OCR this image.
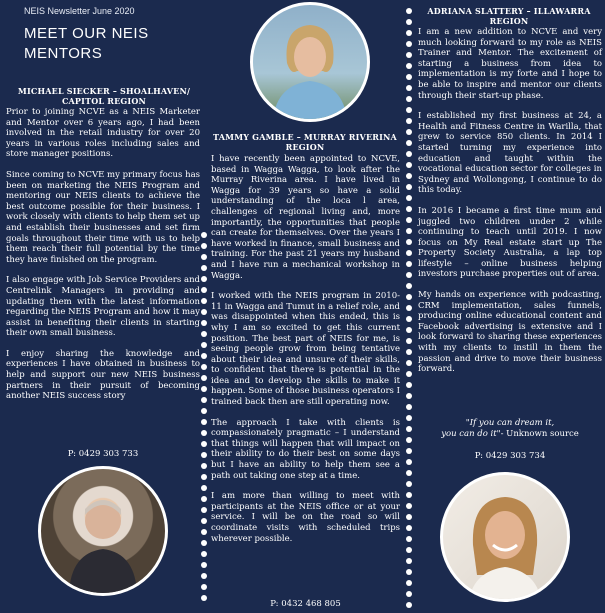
NEIS Newsletter June 2020
MEET OUR NEIS MENTORS
MICHAEL SIECKER – SHOALHAVEN/ CAPITOL REGION

Prior to joining NCVE as a NEIS Marketer and Mentor over 6 years ago, I had been involved in the retail industry for over 20 years in various roles including sales and store manager positions.

Since coming to NCVE my primary focus has been on marketing the NEIS Program and mentoring our NEIS clients to achieve the best outcome possible for their business. I work closely with clients to help them set up and establish their businesses and set firm goals throughout their time with us to help them reach their full potential by the time they have finished on the program.

I also engage with Job Service Providers and Centrelink Managers in providing and updating them with the latest information regarding the NEIS Program and how it may assist in benefiting their clients in starting their own small business.

I enjoy sharing the knowledge and experiences I have obtained in business to help and support our new NEIS business partners in their pursuit of becoming another NEIS success story

P: 0429 303 733
TAMMY GAMBLE – MURRAY RIVERINA REGION

I have recently been appointed to NCVE, based in Wagga Wagga, to look after the Murray Riverina area. I have lived in Wagga for 39 years so have a solid understanding of the loca l area, challenges of regional living and, more importantly, the opportunities that people can create for themselves. Over the years I have worked in finance, small business and training. For the past 21 years my husband and I have run a mechanical workshop in Wagga.

I worked with the NEIS program in 2010-11 in Wagga and Tumut in a relief role, and was disappointed when this ended, this is why I am so excited to get this current position. The best part of NEIS for me, is seeing people grow from being tentative about their idea and unsure of their skills, to confident that there is potential in the idea and to develop the skills to make it happen. Some of those business operators I trained back then are still operating now.

The approach I take with clients is compassionately pragmatic – I understand that things will happen that will impact on their ability to do their best on some days but I have an ability to help them see a path out taking one step at a time.

I am more than willing to meet with participants at the NEIS office or at your service. I will be on the road so will coordinate visits with scheduled trips wherever possible.

P: 0432 468 805
ADRIANA SLATTERY – ILLAWARRA REGION

I am a new addition to NCVE and very much looking forward to my role as NEIS Trainer and Mentor. The excitement of starting a business from idea to implementation is my forte and I hope to be able to inspire and mentor our clients through their start-up phase.

I established my first business at 24, a Health and Fitness Centre in Warilla, that grew to service 850 clients. In 2014 I started turning my experience into education and taught within the vocational education sector for colleges in Sydney and Wollongong, I continue to do this today.

In 2016 I became a first time mum and juggled two children under 2 while continuing to teach until 2019. I now focus on My Real estate start up The Property Society Australia, a lap top lifestyle – online business helping investors purchase properties out of area.

My hands on experience with podcasting, CRM implementation, sales funnels, producing online educational content and Facebook advertising is extensive and I look forward to sharing these experiences with my clients to instill in them the passion and drive to move their business forward.

"If you can dream it,
you can do it"- Unknown source
P: 0429 303 734
